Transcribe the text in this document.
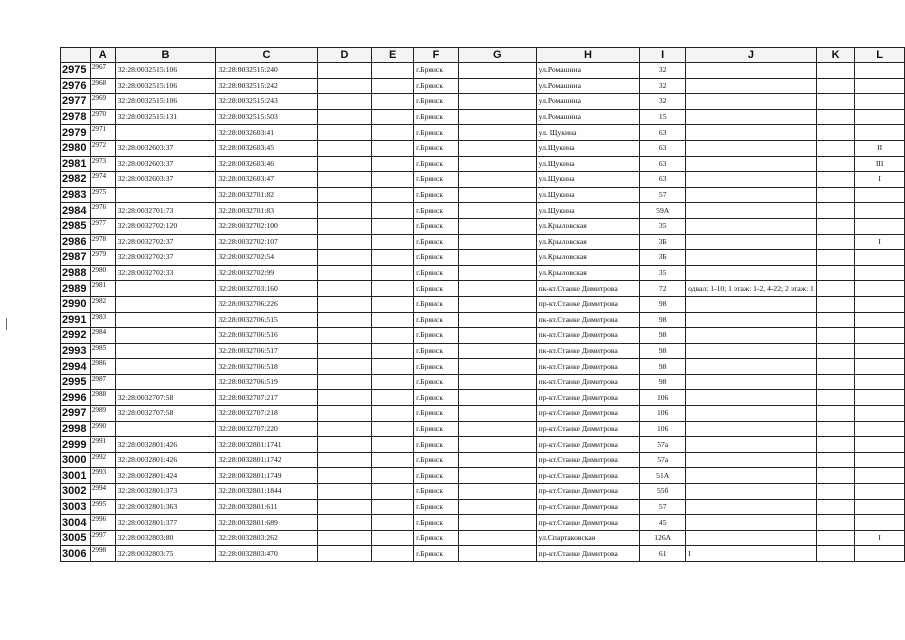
	A	B	C	D	E	F	G	H	I	J	K	L
2975	2967	32:28:0032515:106	32:28:0032515:240			г.Брянск		ул.Ромашина	32			
2976	2968	32:28:0032515:106	32:28:0032515:242			г.Брянск		ул.Ромашина	32			
2977	2969	32:28:0032515:106	32:28:0032515:243			г.Брянск		ул.Ромашина	32			
2978	2970	32:28:0032515:131	32:28:0032515:503			г.Брянск		ул.Ромашина	15			
2979	2971		32:28:0032603:41			г.Брянск		ул. Щукина	63			
2980	2972	32:28:0032603:37	32:28:0032603:45			г.Брянск		ул.Щукина	63			II
2981	2973	32:28:0032603:37	32:28:0032603:46			г.Брянск		ул.Щукина	63			III
2982	2974	32:28:0032603:37	32:28:0032603:47			г.Брянск		ул.Щукина	63			I
2983	2975		32:28:0032701:82			г.Брянск		ул.Щукина	57			
2984	2976	32:28:0032701:73	32:28:0032701:83			г.Брянск		ул.Щукина	59А			
2985	2977	32:28:0032702:120	32:28:0032702:100			г.Брянск		ул.Крыловская	35			
2986	2978	32:28:0032702:37	32:28:0032702:107			г.Брянск		ул.Крыловская	3Б			I
2987	2979	32:28:0032702:37	32:28:0032702:54			г.Брянск		ул.Крыловская	3Б			
2988	2980	32:28:0032702:33	32:28:0032702:99			г.Брянск		ул.Крыловская	35			
2989	2981		32:28:0032703:160			г.Брянск		пк-кт.Станке Димитрова	72	одвал: 1-10; 1 этаж: 1-2, 4-22; 2 этаж: 1		
2990	2982		32:28:0032706:226			г.Брянск		пр-кт.Станке Димитрова	98			
2991	2983		32:28:0032706:515			г.Брянск		пк-кт.Станке Димитрова	98			
2992	2984		32:28:0032706:516			г.Брянск		пк-кт.Станке Димитрова	98			
2993	2985		32:28:0032706:517			г.Брянск		пк-кт.Станке Димитрова	98			
2994	2986		32:28:0032706:518			г.Брянск		пк-кт.Станке Димитрова	98			
2995	2987		32:28:0032706:519			г.Брянск		пк-кт.Станке Димитрова	98			
2996	2988	32:28:0032707:58	32:28:0032707:217			г.Брянск		пр-кт.Станке Димитрова	106			
2997	2989	32:28:0032707:58	32:28:0032707:218			г.Брянск		пр-кт.Станке Димитрова	106			
2998	2990		32:28:0032707:220			г.Брянск		пр-кт.Станке Димитрова	106			
2999	2991	32:28:0032801:426	32:28:0032801:1741			г.Брянск		пр-кт.Станке Димитрова	57а			
3000	2992	32:28:0032801:426	32:28:0032801:1742			г.Брянск		пр-кт.Станке Димитрова	57а			
3001	2993	32:28:0032801:424	32:28:0032801:1749			г.Брянск		пр-кт.Станке Димитрова	51А			
3002	2994	32:28:0032801:373	32:28:0032801:1844			г.Брянск		пр-кт.Станке Димитрова	55б			
3003	2995	32:28:0032801:363	32:28:0032801:611			г.Брянск		пр-кт.Станке Димитрова	57			
3004	2996	32:28:0032801:377	32:28:0032801:689			г.Брянск		пр-кт.Станке Димитрова	45			
3005	2997	32:28:0032803:80	32:28:0032803:262			г.Брянск		ул.Спартаковская	126А			I
3006	2998	32:28:0032803:75	32:28:0032803:470			г.Брянск		пр-кт.Станке Димитрова	61	I		
